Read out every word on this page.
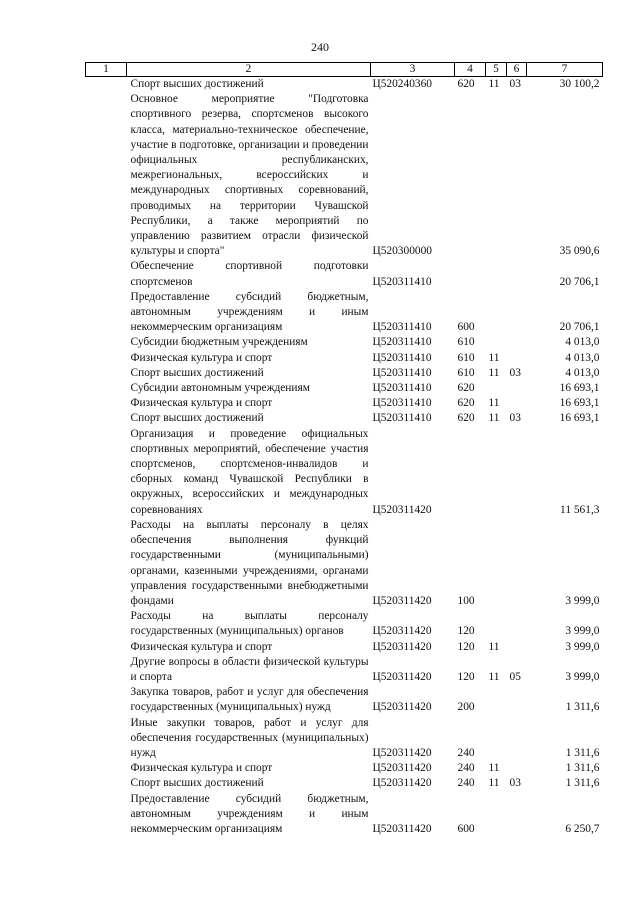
240
1	2	3	4	5	6	7
	Спорт высших достижений	Ц520240360	620	11	03	30 100,2
	Основное мероприятие "Подготовка спортивного резерва, спортсменов высокого класса, материально-техническое обеспечение, участие в подготовке, организации и проведении официальных республиканских, межрегиональных, всероссийских и международных спортивных соревнований, проводимых на территории Чувашской Республики, а также мероприятий по управлению развитием отрасли физической культуры и спорта"	Ц520300000				35 090,6
	Обеспечение спортивной подготовки спортсменов	Ц520311410				20 706,1
	Предоставление субсидий бюджетным, автономным учреждениям и иным некоммерческим организациям	Ц520311410	600			20 706,1
	Субсидии бюджетным учреждениям	Ц520311410	610			4 013,0
	Физическая культура и спорт	Ц520311410	610	11		4 013,0
	Спорт высших достижений	Ц520311410	610	11	03	4 013,0
	Субсидии автономным учреждениям	Ц520311410	620			16 693,1
	Физическая культура и спорт	Ц520311410	620	11		16 693,1
	Спорт высших достижений	Ц520311410	620	11	03	16 693,1
	Организация и проведение официальных спортивных мероприятий, обеспечение участия спортсменов, спортсменов-инвалидов и сборных команд Чувашской Республики в окружных, всероссийских и международных соревнованиях	Ц520311420				11 561,3
	Расходы на выплаты персоналу в целях обеспечения выполнения функций государственными (муниципальными) органами, казенными учреждениями, органами управления государственными внебюджетными фондами	Ц520311420	100			3 999,0
	Расходы на выплаты персоналу государственных (муниципальных) органов	Ц520311420	120			3 999,0
	Физическая культура и спорт	Ц520311420	120	11		3 999,0
	Другие вопросы в области физической культуры и спорта	Ц520311420	120	11	05	3 999,0
	Закупка товаров, работ и услуг для обеспечения государственных (муниципальных) нужд	Ц520311420	200			1 311,6
	Иные закупки товаров, работ и услуг для обеспечения государственных (муниципальных) нужд	Ц520311420	240			1 311,6
	Физическая культура и спорт	Ц520311420	240	11		1 311,6
	Спорт высших достижений	Ц520311420	240	11	03	1 311,6
	Предоставление субсидий бюджетным, автономным учреждениям и иным некоммерческим организациям	Ц520311420	600			6 250,7
